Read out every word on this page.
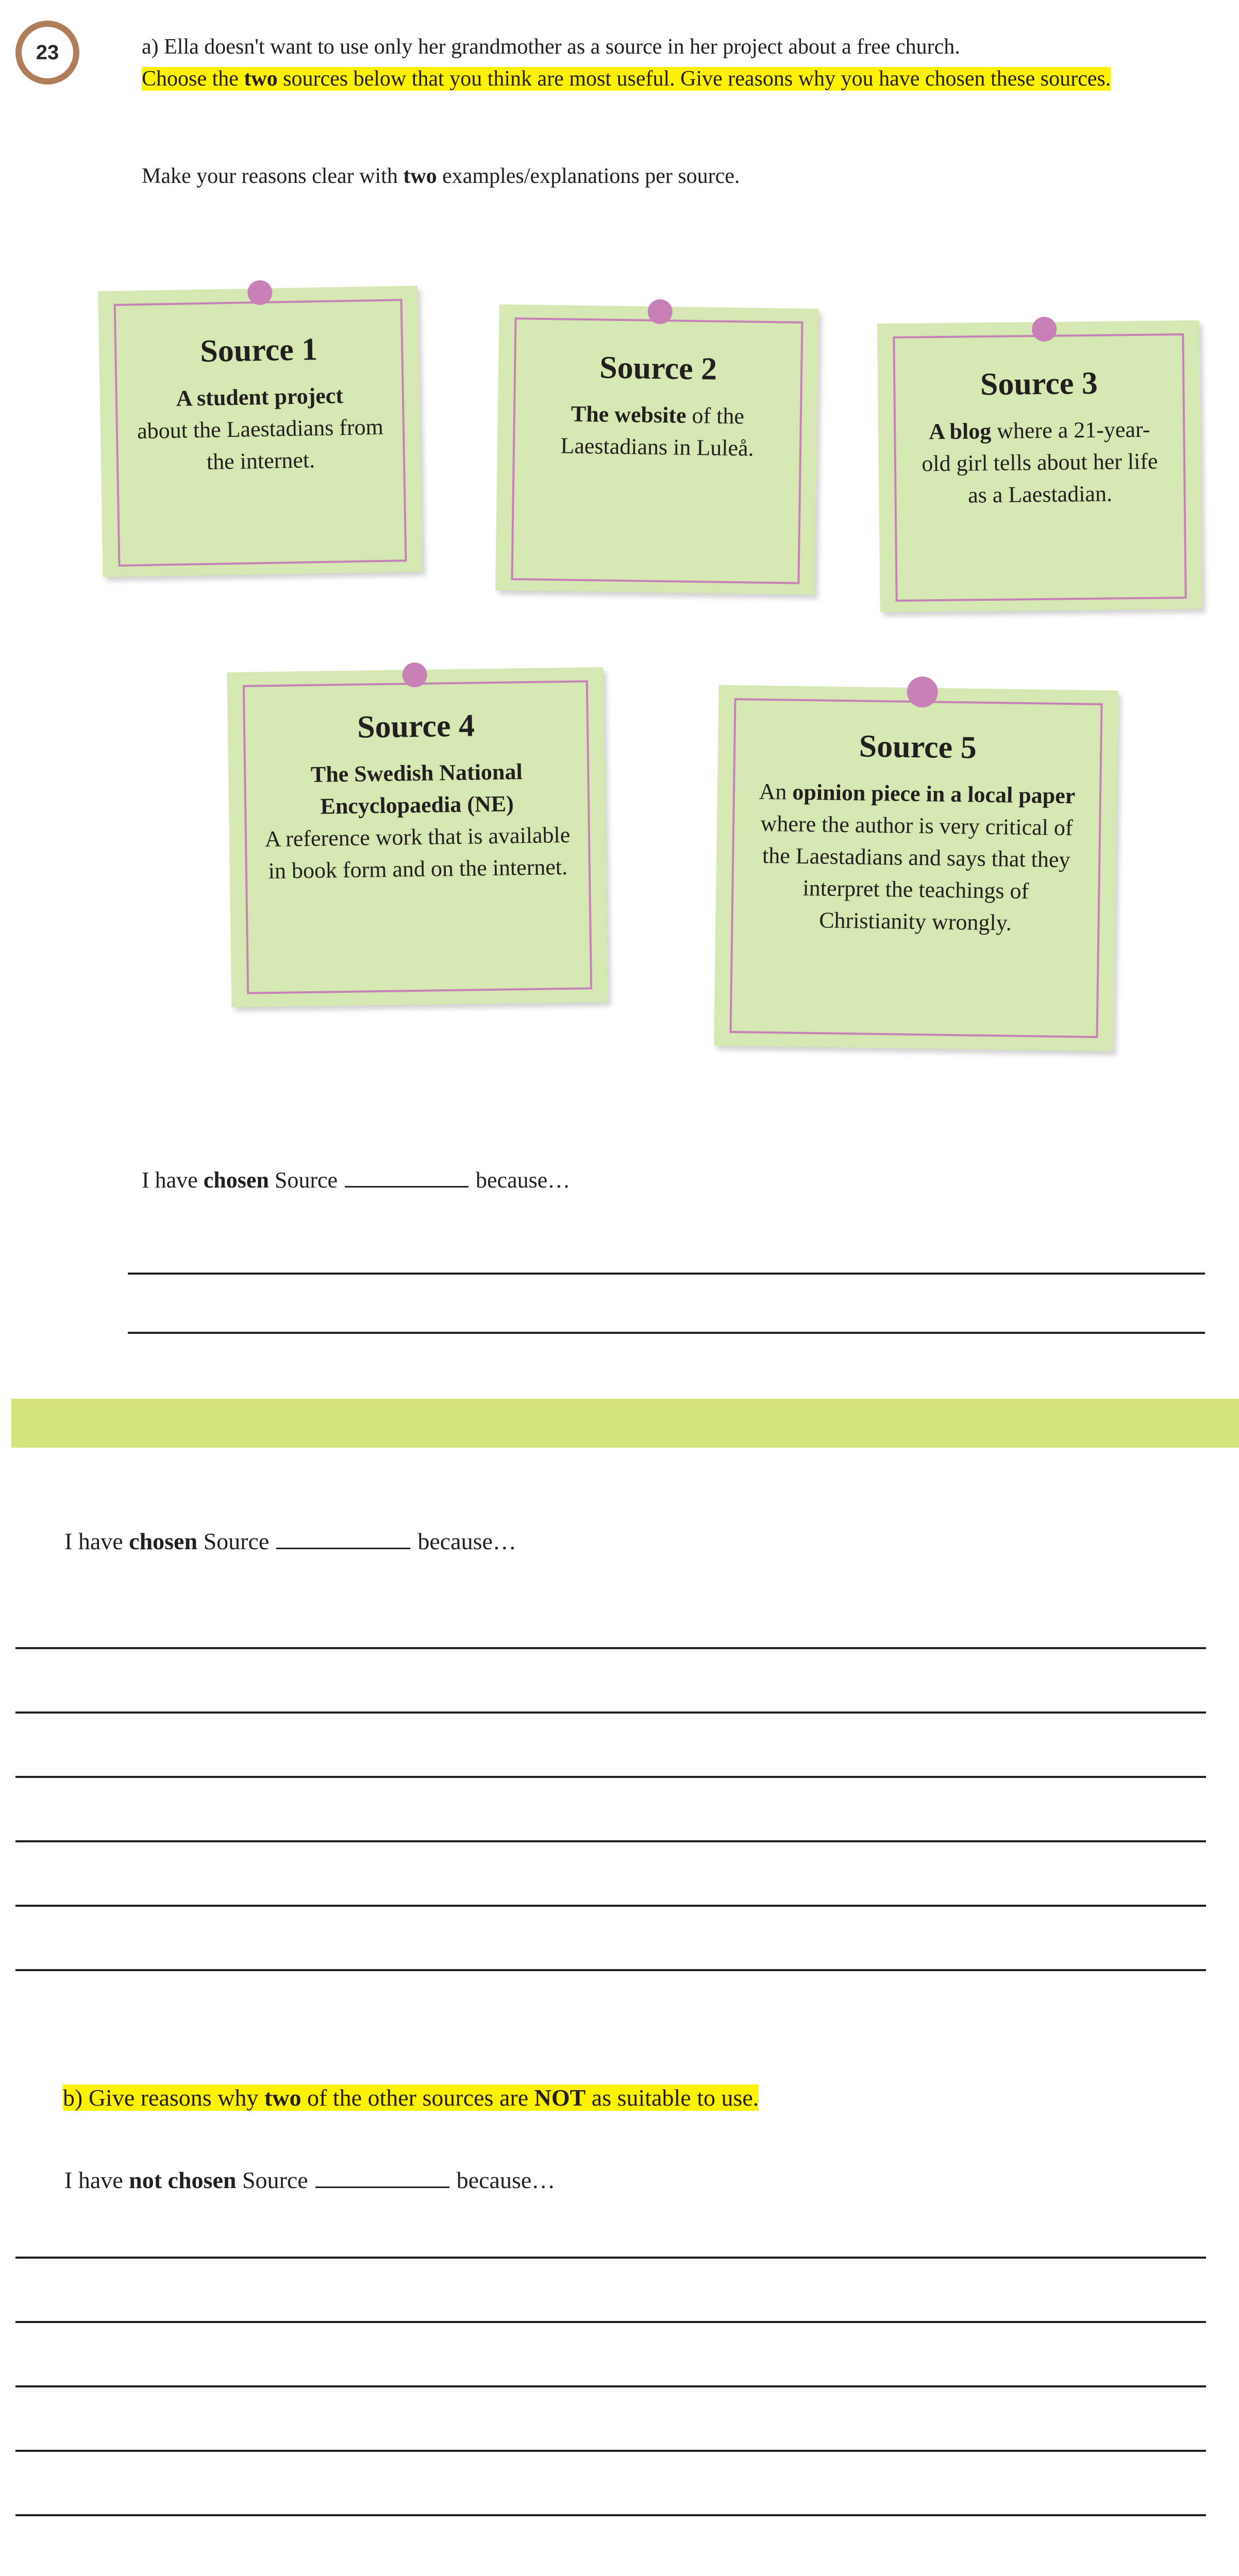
23	a) Ella doesn't want to use only her grandmother as a source in her project about a free church.
Choose the two sources below that you think are most useful. Give reasons why you have chosen these sources.
Make your reasons clear with two examples/explanations per source.
Source 1
A student project
about the Laestadians from the internet.
Source 2
The website of the Laestadians in Luleå.
Source 3
A blog where a 21-year-old girl tells about her life as a Laestadian.
Source 4
The Swedish National Encyclopaedia (NE)
A reference work that is available in book form and on the internet.
Source 5
An opinion piece in a local paper where the author is very critical of the Laestadians and says that they interpret the teachings of Christianity wrongly.
I have chosen Source	because…
I have chosen Source	because…
b) Give reasons why two of the other sources are NOT as suitable to use.
I have not chosen Source	because…
